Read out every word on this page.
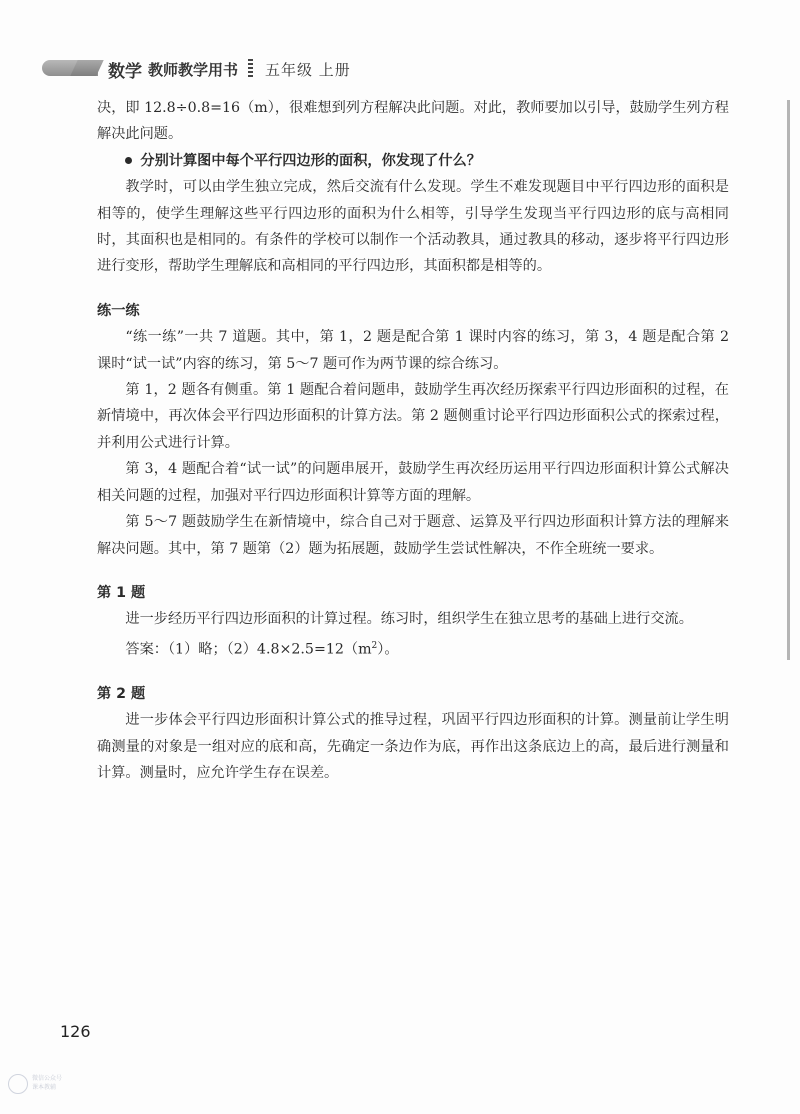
数学 教师教学用书 五年级 上册

决，即 12.8÷0.8=16（m），很难想到列方程解决此问题。对此，教师要加以引导，鼓励学生列方程解决此问题。

分别计算图中每个平行四边形的面积，你发现了什么？

教学时，可以由学生独立完成，然后交流有什么发现。学生不难发现题目中平行四边形的面积是相等的，使学生理解这些平行四边形的面积为什么相等，引导学生发现当平行四边形的底与高相同时，其面积也是相同的。有条件的学校可以制作一个活动教具，通过教具的移动，逐步将平行四边形进行变形，帮助学生理解底和高相同的平行四边形，其面积都是相等的。

练一练

“练一练”一共 7 道题。其中，第 1，2 题是配合第 1 课时内容的练习，第 3，4 题是配合第 2 课时“试一试”内容的练习，第 5～7 题可作为两节课的综合练习。

第 1，2 题各有侧重。第 1 题配合着问题串，鼓励学生再次经历探索平行四边形面积的过程，在新情境中，再次体会平行四边形面积的计算方法。第 2 题侧重讨论平行四边形面积公式的探索过程，并利用公式进行计算。

第 3，4 题配合着“试一试”的问题串展开，鼓励学生再次经历运用平行四边形面积计算公式解决相关问题的过程，加强对平行四边形面积计算等方面的理解。

第 5～7 题鼓励学生在新情境中，综合自己对于题意、运算及平行四边形面积计算方法的理解来解决问题。其中，第 7 题第（2）题为拓展题，鼓励学生尝试性解决，不作全班统一要求。

第 1 题

进一步经历平行四边形面积的计算过程。练习时，组织学生在独立思考的基础上进行交流。

答案：（1）略；$(2)4.8\times 2.5=12(m^2)$。

第 2 题

进一步体会平行四边形面积计算公式的推导过程，巩固平行四边形面积的计算。测量前让学生明确测量的对象是一组对应的底和高，先确定一条边作为底，再作出这条底边上的高，最后进行测量和计算。测量时，应允许学生存在误差。

126
微信公众号
课本教辅
